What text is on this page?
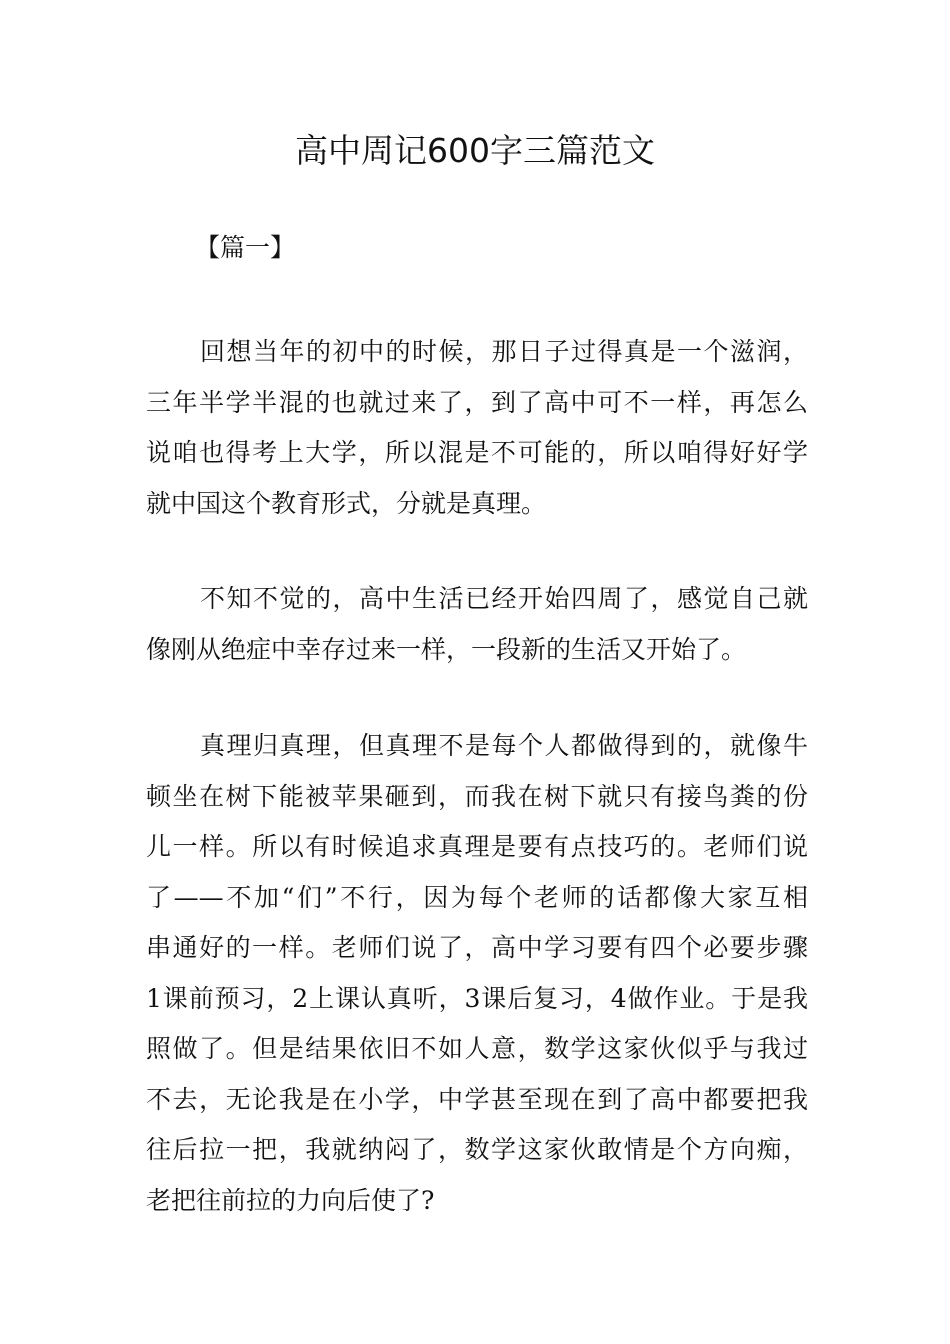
高中周记600字三篇范文
【篇一】
回想当年的初中的时候，那日子过得真是一个滋润，
三年半学半混的也就过来了，到了高中可不一样，再怎么
说咱也得考上大学，所以混是不可能的，所以咱得好好学
就中国这个教育形式，分就是真理。
不知不觉的，高中生活已经开始四周了，感觉自己就
像刚从绝症中幸存过来一样，一段新的生活又开始了。
真理归真理，但真理不是每个人都做得到的，就像牛
顿坐在树下能被苹果砸到，而我在树下就只有接鸟粪的份
儿一样。所以有时候追求真理是要有点技巧的。老师们说
了——不加“们”不行，因为每个老师的话都像大家互相
串通好的一样。老师们说了，高中学习要有四个必要步骤
1课前预习，2上课认真听，3课后复习，4做作业。于是我
照做了。但是结果依旧不如人意，数学这家伙似乎与我过
不去，无论我是在小学，中学甚至现在到了高中都要把我
往后拉一把，我就纳闷了，数学这家伙敢情是个方向痴，
老把往前拉的力向后使了?
